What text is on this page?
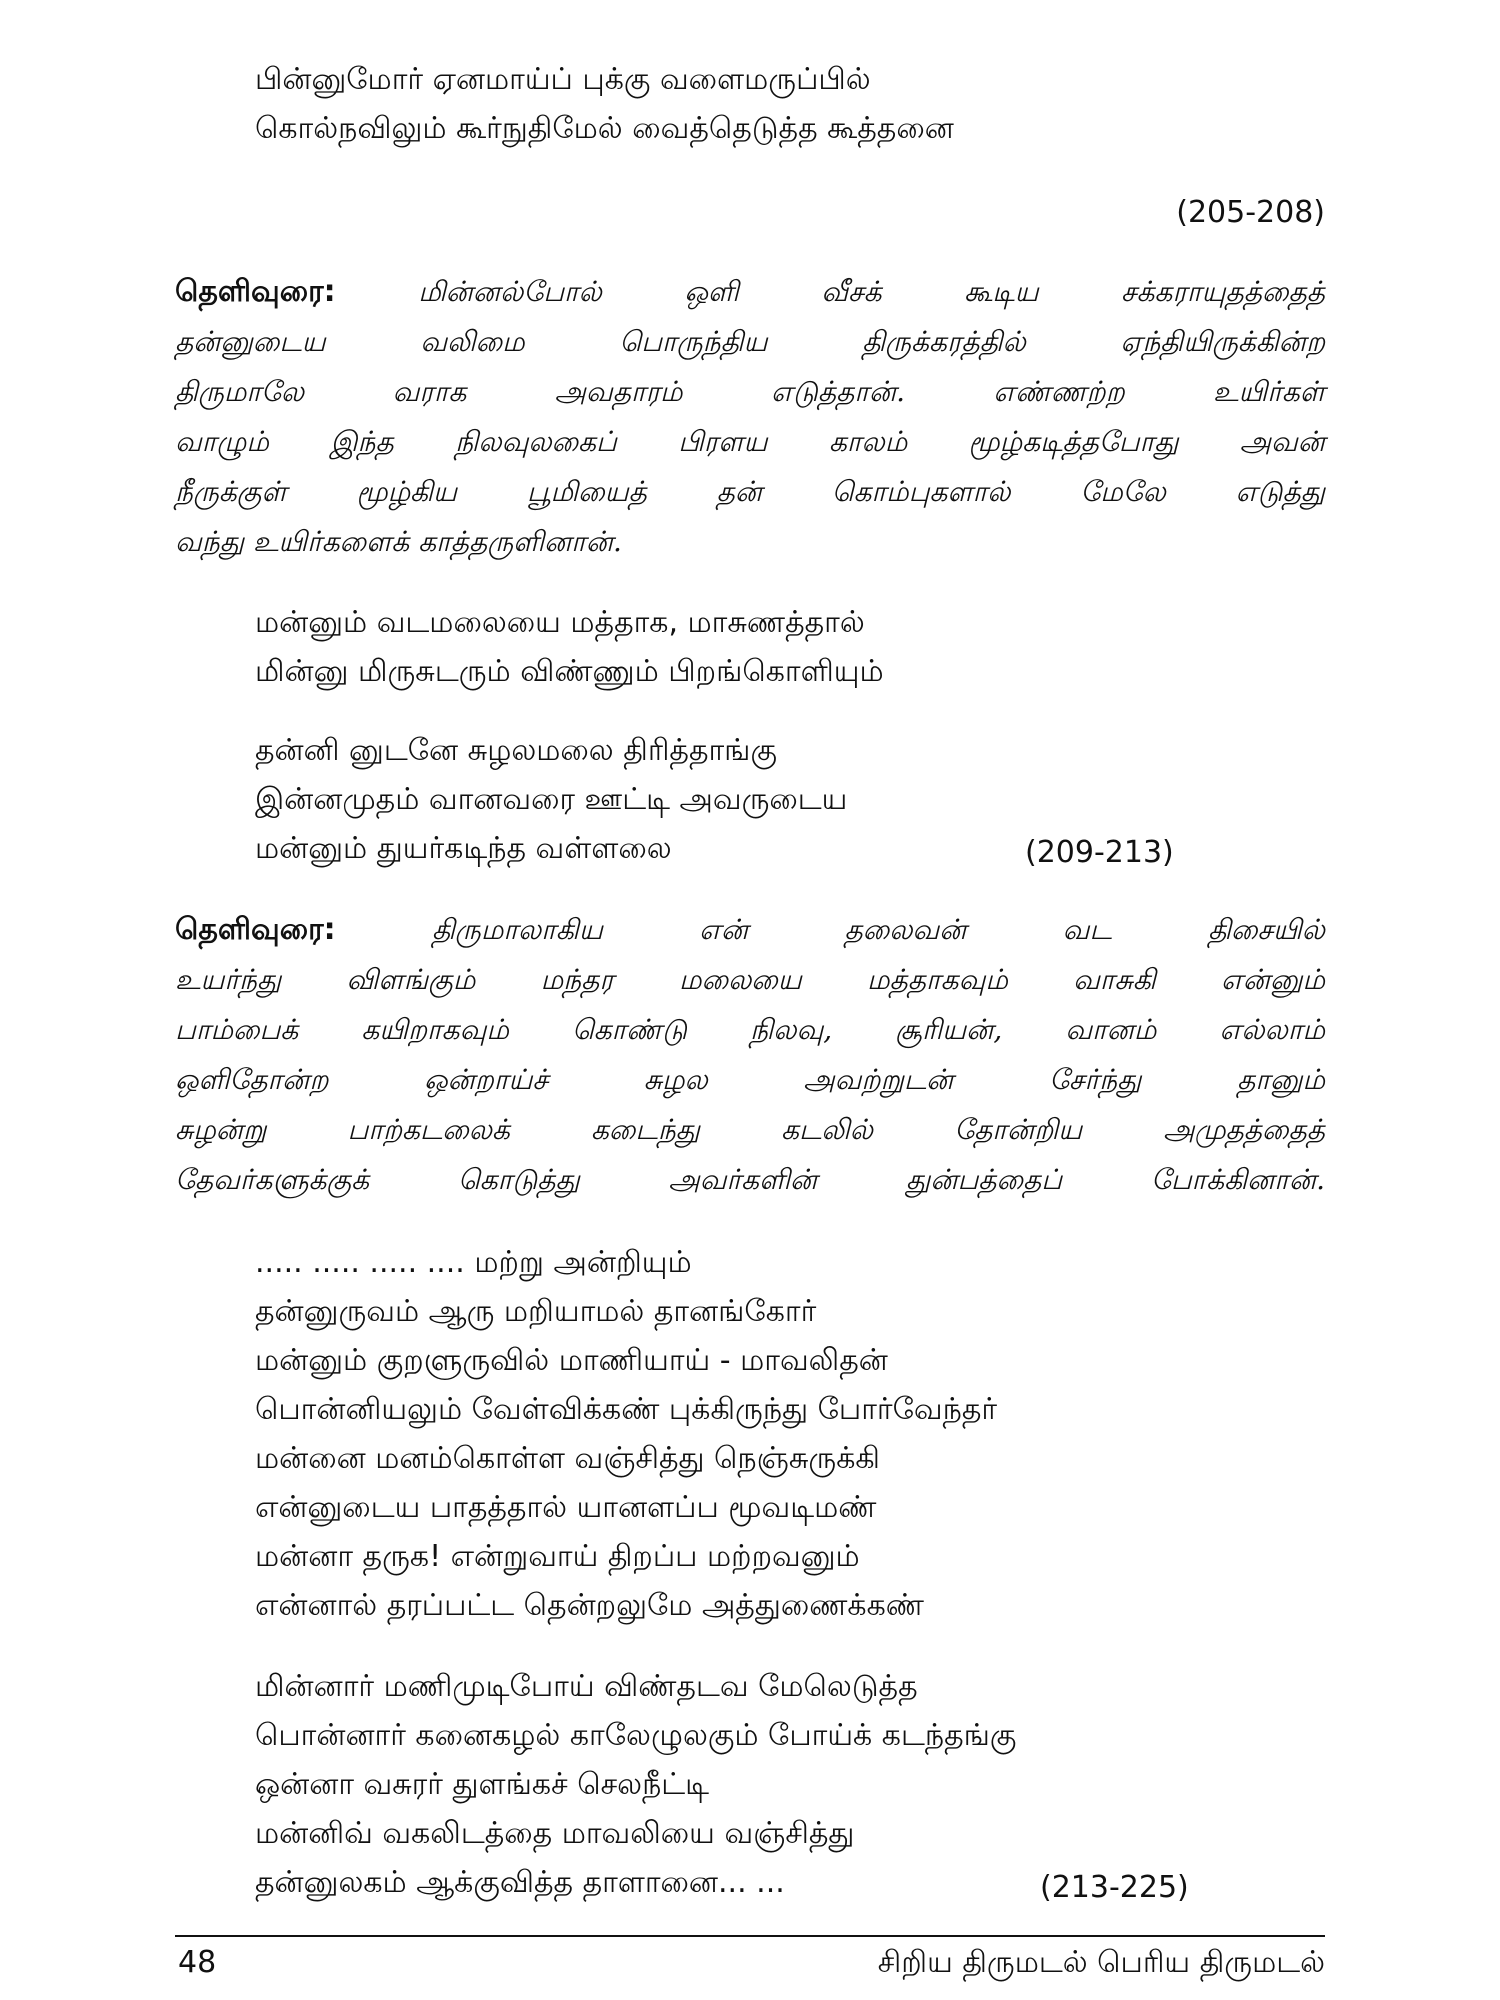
பின்னுமோர் ஏனமாய்ப் புக்கு வளைமருப்பில்
கொல்நவிலும் கூர்நுதிமேல் வைத்தெடுத்த கூத்தனை
(205-208)
தெளிவுரை:	மின்னல்போல் ஒளி வீசக் கூடிய சக்கராயுதத்தைத்
தன்னுடைய வலிமை பொருந்திய திருக்கரத்தில் ஏந்தியிருக்கின்ற
திருமாலே வராக அவதாரம் எடுத்தான். எண்ணற்ற உயிர்கள்
வாழும் இந்த நிலவுலகைப் பிரளய காலம் மூழ்கடித்தபோது அவன்
நீருக்குள் மூழ்கிய பூமியைத் தன் கொம்புகளால் மேலே எடுத்து
வந்து உயிர்களைக் காத்தருளினான்.
மன்னும் வடமலையை மத்தாக, மாசுணத்தால்
மின்னு மிருசுடரும் விண்ணும் பிறங்கொளியும்
தன்னி னுடனே சுழலமலை திரித்தாங்கு
இன்னமுதம் வானவரை ஊட்டி அவருடைய
மன்னும் துயர்கடிந்த வள்ளலை	(209-213)
தெளிவுரை:	திருமாலாகிய என் தலைவன் வட திசையில்
உயர்ந்து விளங்கும் மந்தர மலையை மத்தாகவும் வாசுகி என்னும்
பாம்பைக் கயிறாகவும் கொண்டு நிலவு, சூரியன், வானம் எல்லாம்
ஒளிதோன்ற ஒன்றாய்ச் சுழல அவற்றுடன் சேர்ந்து தானும்
சுழன்று பாற்கடலைக் கடைந்து கடலில் தோன்றிய அமுதத்தைத்
தேவர்களுக்குக் கொடுத்து அவர்களின் துன்பத்தைப் போக்கினான்.
..... ..... ..... .... மற்று அன்றியும்
தன்னுருவம் ஆரு மறியாமல் தானங்கோர்
மன்னும் குறளுருவில் மாணியாய் - மாவலிதன்
பொன்னியலும் வேள்விக்கண் புக்கிருந்து போர்வேந்தர்
மன்னை மனம்கொள்ள வஞ்சித்து நெஞ்சுருக்கி
என்னுடைய பாதத்தால் யானளப்ப மூவடிமண்
மன்னா தருக! என்றுவாய் திறப்ப மற்றவனும்
என்னால் தரப்பட்ட தென்றலுமே அத்துணைக்கண்
மின்னார் மணிமுடிபோய் விண்தடவ மேலெடுத்த
பொன்னார் கனைகழல் காலேழுலகும் போய்க் கடந்தங்கு
ஒன்னா வசுரர் துளங்கச் செலநீட்டி
மன்னிவ் வகலிடத்தை மாவலியை வஞ்சித்து
தன்னுலகம் ஆக்குவித்த தாளானை... ...	(213-225)
48	சிறிய திருமடல் பெரிய திருமடல்
